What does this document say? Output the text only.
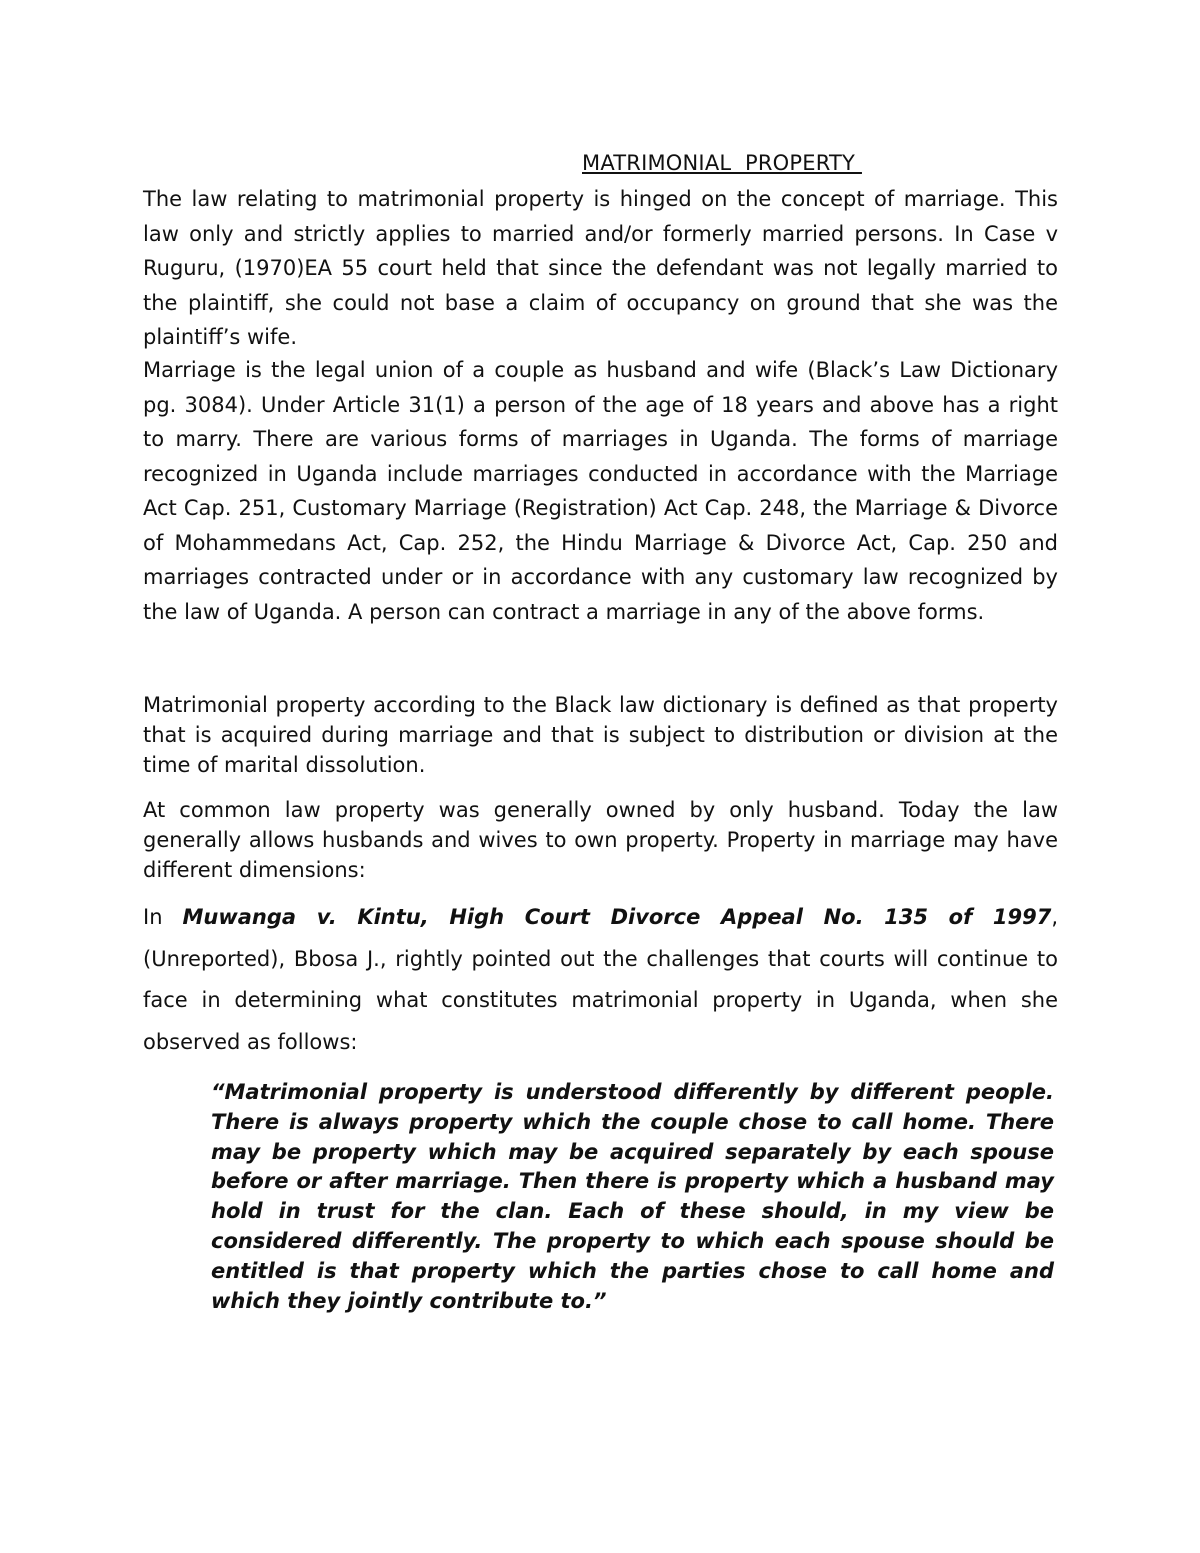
MATRIMONIAL  PROPERTY

The law relating to matrimonial property is hinged on the concept of marriage. This law only and strictly applies to married and/or formerly married persons. In Case v Ruguru, (1970)EA 55 court held that since the defendant was not legally married to the plaintiff, she could not base a claim of occupancy on ground that she was the plaintiff’s wife.

Marriage is the legal union of a couple as husband and wife (Black’s Law Dictionary pg. 3084). Under Article 31(1) a person of the age of 18 years and above has a right to marry. There are various forms of marriages in Uganda. The forms of marriage recognized in Uganda include marriages conducted in accordance with the Marriage Act Cap. 251, Customary Marriage (Registration) Act Cap. 248, the Marriage & Divorce of Mohammedans Act, Cap. 252, the Hindu Marriage & Divorce Act, Cap. 250 and marriages contracted under or in accordance with any customary law recognized by the law of Uganda. A person can contract a marriage in any of the above forms.

Matrimonial property according to the Black law dictionary is defined as that property that is acquired during marriage and that is subject to distribution or division at the time of marital dissolution.

At common law property was generally owned by only husband. Today the law generally allows husbands and wives to own property. Property in marriage may have different dimensions:

In Muwanga v. Kintu, High Court Divorce Appeal No. 135 of 1997, (Unreported), Bbosa J., rightly pointed out the challenges that courts will continue to face in determining what constitutes matrimonial property in Uganda, when she observed as follows:

“Matrimonial property is understood differently by different people. There is always property which the couple chose to call home. There may be property which may be acquired separately by each spouse before or after marriage. Then there is property which a husband may hold in trust for the clan. Each of these should, in my view be considered differently. The property to which each spouse should be entitled is that property which the parties chose to call home and which they jointly contribute to.”
